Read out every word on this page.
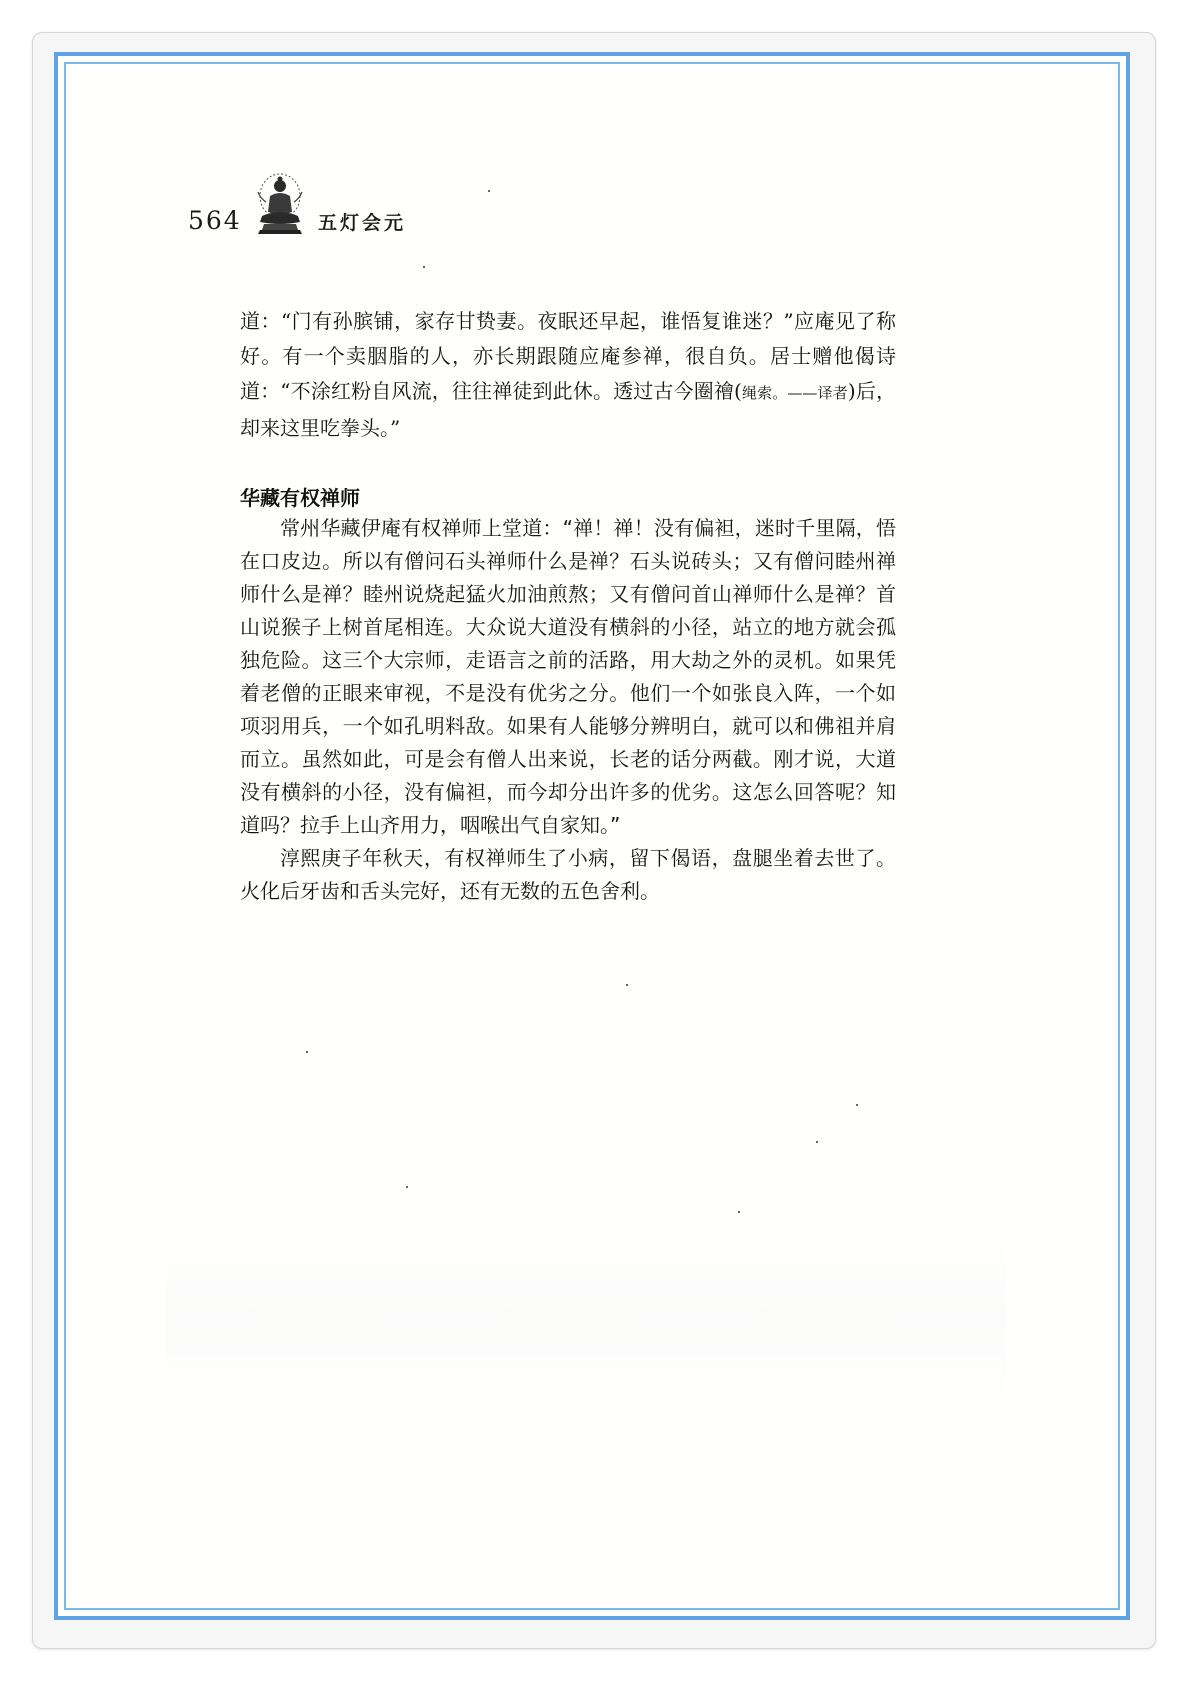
564	五灯会元
道：“门有孙膑铺，家存甘贽妻。夜眠还早起，谁悟复谁迷？”应庵见了称好。有一个卖胭脂的人，亦长期跟随应庵参禅，很自负。居士赠他偈诗道：“不涂红粉自风流，往往禅徒到此休。透过古今圈禬(绳索。——译者)后，却来这里吃拳头。”
华藏有权禅师

常州华藏伊庵有权禅师上堂道：“禅！禅！没有偏袒，迷时千里隔，悟在口皮边。所以有僧问石头禅师什么是禅？石头说砖头；又有僧问睦州禅师什么是禅？睦州说烧起猛火加油煎熬；又有僧问首山禅师什么是禅？首山说猴子上树首尾相连。大众说大道没有横斜的小径，站立的地方就会孤独危险。这三个大宗师，走语言之前的活路，用大劫之外的灵机。如果凭着老僧的正眼来审视，不是没有优劣之分。他们一个如张良入阵，一个如项羽用兵，一个如孔明料敌。如果有人能够分辨明白，就可以和佛祖并肩而立。虽然如此，可是会有僧人出来说，长老的话分两截。刚才说，大道没有横斜的小径，没有偏袒，而今却分出许多的优劣。这怎么回答呢？知道吗？拉手上山齐用力，咽喉出气自家知。”

淳熙庚子年秋天，有权禅师生了小病，留下偈语，盘腿坐着去世了。火化后牙齿和舌头完好，还有无数的五色舍利。
